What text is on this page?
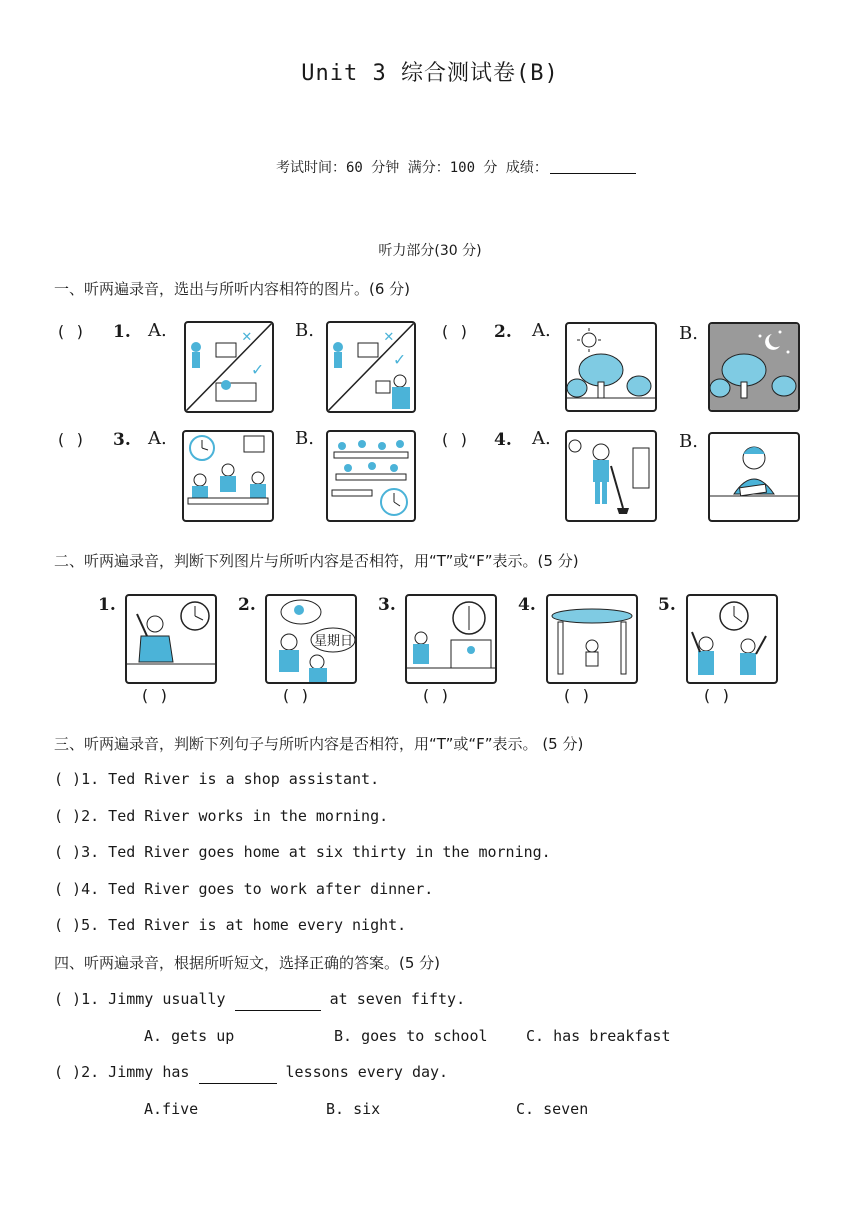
Unit 3 综合测试卷(B)
考试时间：60 分钟 满分：100 分 成绩：
听力部分(30 分)
一、听两遍录音，选出与所听内容相符的图片。(6 分)
( ) 1. A.	✕
✓
B.	✕
✓
( ) 2. A.	B.
( ) 3. A.	B.	( ) 4. A.	B.
二、听两遍录音，判断下列图片与所听内容是否相符，用“T”或“F”表示。(5 分)
1.
( )
2.
星期日
( )
3.
( )
4.
( )
5.
( )
三、听两遍录音，判断下列句子与所听内容是否相符，用“T”或“F”表示。 (5 分)
( )1. Ted River is a shop assistant.
( )2. Ted River works in the morning.
( )3. Ted River goes home at six thirty in the morning.
( )4. Ted River goes to work after dinner.
( )5. Ted River is at home every night.
四、听两遍录音，根据所听短文，选择正确的答案。(5 分)
( )1. Jimmy usually	at seven fifty.
A. gets up	B. goes to school	C. has breakfast
( )2. Jimmy has	lessons every day.
A.five	B. six	C. seven
